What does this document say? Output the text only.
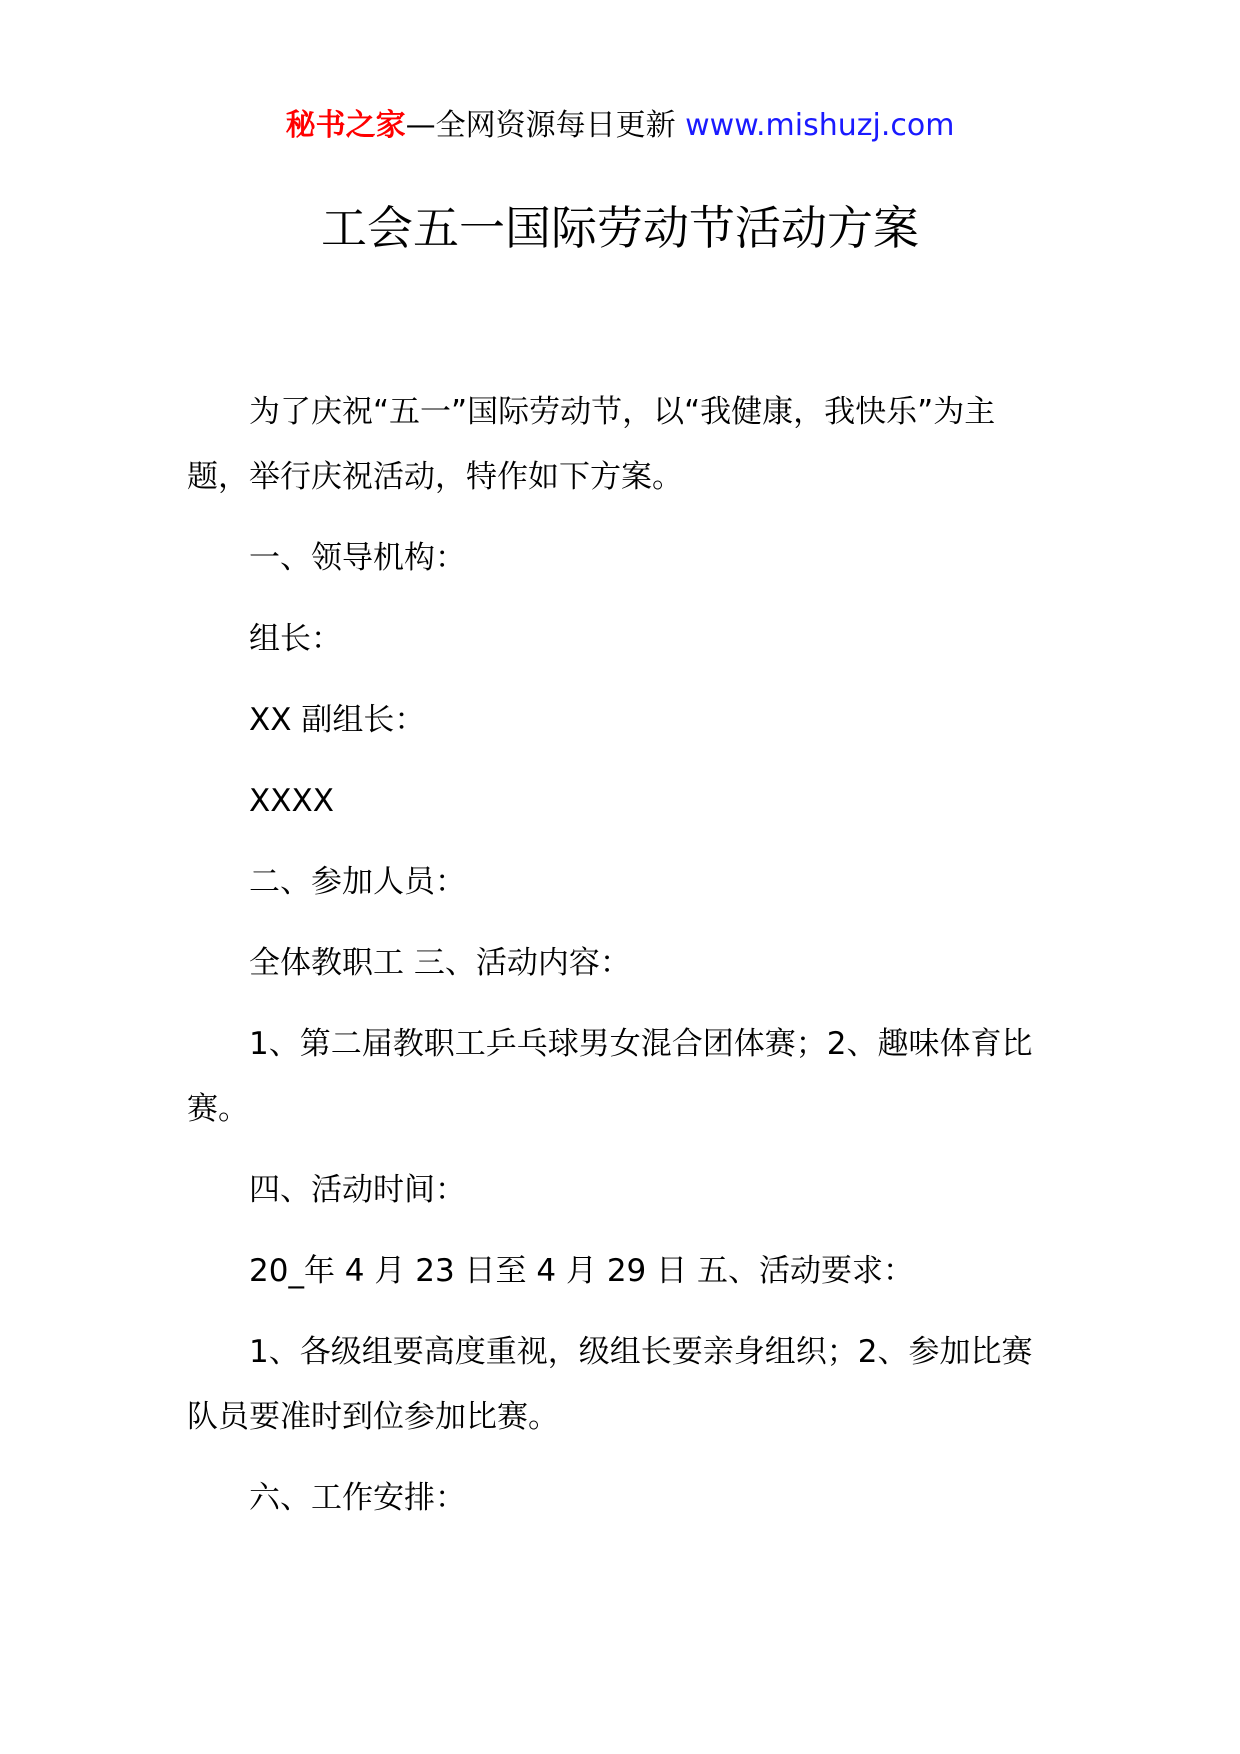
秘书之家—全网资源每日更新 www.mishuzj.com
工会五一国际劳动节活动方案

为了庆祝“五一”国际劳动节，以“我健康，我快乐”为主题，举行庆祝活动，特作如下方案。

一、领导机构：

组长：

XX 副组长：

XXXX

二、参加人员：

全体教职工 三、活动内容：

1、第二届教职工乒乓球男女混合团体赛；2、趣味体育比赛。

四、活动时间：

20_年 4 月 23 日至 4 月 29 日 五、活动要求：

1、各级组要高度重视，级组长要亲身组织；2、参加比赛队员要准时到位参加比赛。

六、工作安排：
